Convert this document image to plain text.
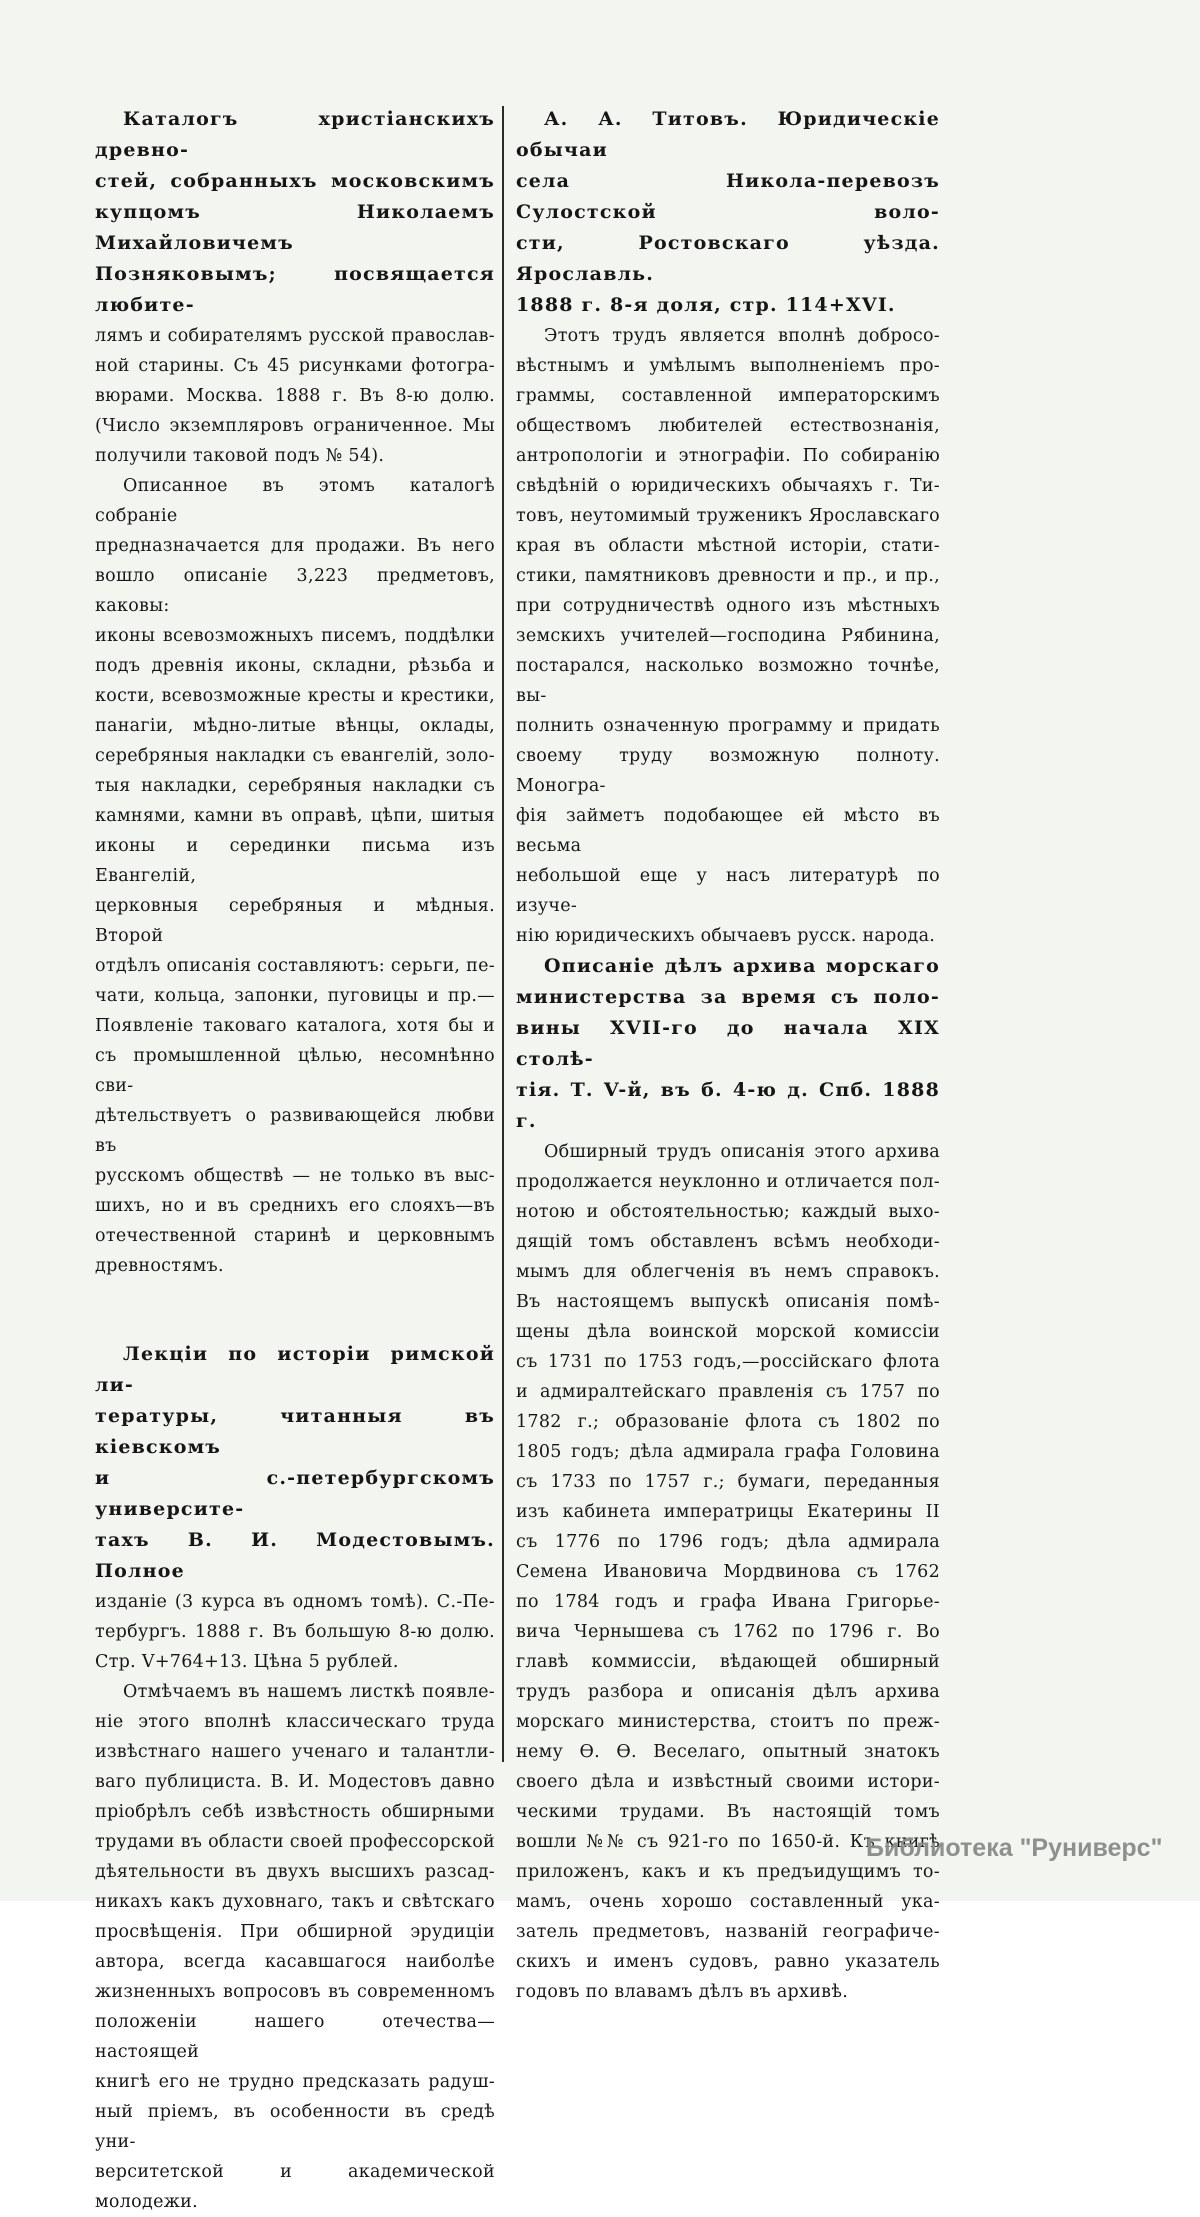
Каталогъ христіанскихъ древно-
стей, собранныхъ московскимъ
купцомъ Николаемъ Михайловичемъ
Позняковымъ; посвящается любите-
лямъ и собирателямъ русской православ-
ной старины. Съ 45 рисунками фотогра-
вюрами. Москва. 1888 г. Въ 8-ю долю.
(Число экземпляровъ ограниченное. Мы
получили таковой подъ № 54).
Описанное въ этомъ каталогѣ собраніе
предназначается для продажи. Въ него
вошло описаніе 3,223 предметовъ, каковы:
иконы всевозможныхъ писемъ, поддѣлки
подъ древнія иконы, складни, рѣзьба и
кости, всевозможные кресты и крестики,
панагіи, мѣдно-литые вѣнцы, оклады,
серебряныя накладки съ евангелій, золо-
тыя накладки, серебряныя накладки съ
камнями, камни въ оправѣ, цѣпи, шитыя
иконы и серединки письма изъ Евангелій,
церковныя серебряныя и мѣдныя. Второй
отдѣлъ описанія составляютъ: серьги, пе-
чати, кольца, запонки, пуговицы и пр.—
Появленіе таковаго каталога, хотя бы и
съ промышленной цѣлью, несомнѣнно сви-
дѣтельствуетъ о развивающейся любви въ
русскомъ обществѣ — не только въ выс-
шихъ, но и въ среднихъ его слояхъ—въ
отечественной старинѣ и церковнымъ
древностямъ.
Лекціи по исторіи римской ли-
тературы, читанныя въ кіевскомъ
и с.-петербургскомъ университе-
тахъ В. И. Модестовымъ. Полное
изданіе (3 курса въ одномъ томѣ). С.-Пе-
тербургъ. 1888 г. Въ большую 8-ю долю.
Стр. V+764+13. Цѣна 5 рублей.
Отмѣчаемъ въ нашемъ листкѣ появле-
ніе этого вполнѣ классическаго труда
извѣстнаго нашего ученаго и талантли-
ваго публициста. В. И. Модестовъ давно
пріобрѣлъ себѣ извѣстность обширными
трудами въ области своей профессорской
дѣятельности въ двухъ высшихъ разсад-
никахъ какъ духовнаго, такъ и свѣтскаго
просвѣщенія. При обширной эрудиціи
автора, всегда касавшагося наиболѣе
жизненныхъ вопросовъ въ современномъ
положеніи нашего отечества—настоящей
книгѣ его не трудно предсказать радуш-
ный пріемъ, въ особенности въ средѣ уни-
верситетской и академической молодежи.
А. А. Титовъ. Юридическіе обычаи
села Никола-перевозъ Сулостской воло-
сти, Ростовскаго уѣзда. Ярославль.
1888 г. 8-я доля, стр. 114+XVI.
Этотъ трудъ является вполнѣ добросо-
вѣстнымъ и умѣлымъ выполненіемъ про-
граммы, составленной императорскимъ
обществомъ любителей естествознанія,
антропологіи и этнографіи. По собиранію
свѣдѣній о юридическихъ обычаяхъ г. Ти-
товъ, неутомимый труженикъ Ярославскаго
края въ области мѣстной исторіи, стати-
стики, памятниковъ древности и пр., и пр.,
при сотрудничествѣ одного изъ мѣстныхъ
земскихъ учителей—господина Рябинина,
постарался, насколько возможно точнѣе, вы-
полнить означенную программу и придать
своему труду возможную полноту. Моногра-
фія займетъ подобающее ей мѣсто въ весьма
небольшой еще у насъ литературѣ по изуче-
нію юридическихъ обычаевъ русск. народа.
Описаніе дѣлъ архива морскаго
министерства за время съ поло-
вины XVII-го до начала XIX столѣ-
тія. Т. V-й, въ б. 4-ю д. Спб. 1888 г.
Обширный трудъ описанія этого архива
продолжается неуклонно и отличается пол-
нотою и обстоятельностью; каждый выхо-
дящій томъ обставленъ всѣмъ необходи-
мымъ для облегченія въ немъ справокъ.
Въ настоящемъ выпускѣ описанія помѣ-
щены дѣла воинской морской комиссіи
съ 1731 по 1753 годъ,—россійскаго флота
и адмиралтейскаго правленія съ 1757 по
1782 г.; образованіе флота съ 1802 по
1805 годъ; дѣла адмирала графа Головина
съ 1733 по 1757 г.; бумаги, переданныя
изъ кабинета императрицы Екатерины II
съ 1776 по 1796 годъ; дѣла адмирала
Семена Ивановича Мордвинова съ 1762
по 1784 годъ и графа Ивана Григорье-
вича Чернышева съ 1762 по 1796 г. Во
главѣ коммиссіи, вѣдающей обширный
трудъ разбора и описанія дѣлъ архива
морскаго министерства, стоитъ по преж-
нему Ѳ. Ѳ. Веселаго, опытный знатокъ
своего дѣла и извѣстный своими истори-
ческими трудами. Въ настоящій томъ
вошли №№ съ 921-го по 1650-й. Къ книгѣ
приложенъ, какъ и къ предъидущимъ то-
мамъ, очень хорошо составленный ука-
затель предметовъ, названій географиче-
скихъ и именъ судовъ, равно указатель
годовъ по влавамъ дѣлъ въ архивѣ.
Библиотека "Руниверс"
